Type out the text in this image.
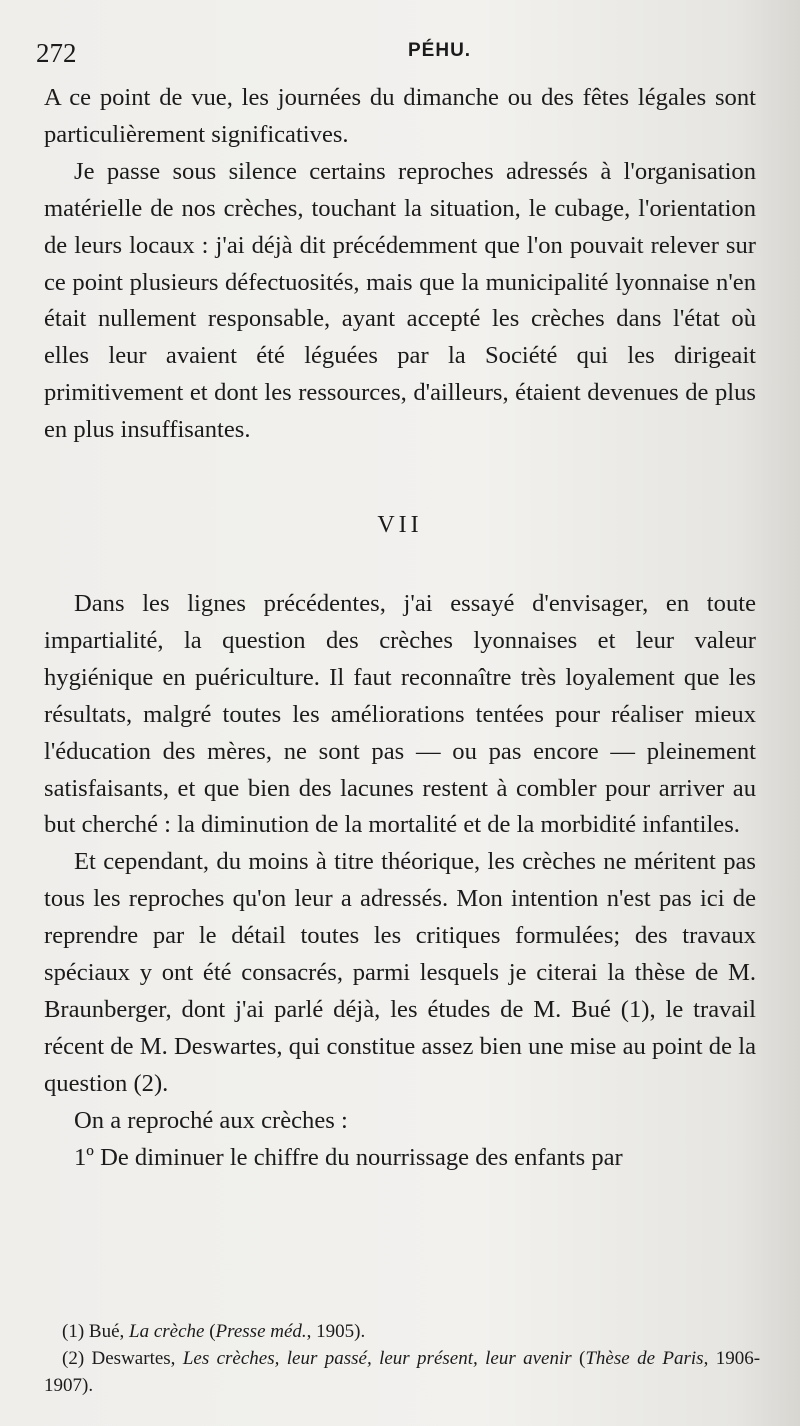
272	PÉHU.

A ce point de vue, les journées du dimanche ou des fêtes légales sont particulièrement significatives.

Je passe sous silence certains reproches adressés à l'organisation matérielle de nos crèches, touchant la situation, le cubage, l'orientation de leurs locaux : j'ai déjà dit précédemment que l'on pouvait relever sur ce point plusieurs défectuosités, mais que la municipalité lyonnaise n'en était nullement responsable, ayant accepté les crèches dans l'état où elles leur avaient été léguées par la Société qui les dirigeait primitivement et dont les ressources, d'ailleurs, étaient devenues de plus en plus insuffisantes.

VII

Dans les lignes précédentes, j'ai essayé d'envisager, en toute impartialité, la question des crèches lyonnaises et leur valeur hygiénique en puériculture. Il faut reconnaître très loyalement que les résultats, malgré toutes les améliorations tentées pour réaliser mieux l'éducation des mères, ne sont pas — ou pas encore — pleinement satisfaisants, et que bien des lacunes restent à combler pour arriver au but cherché : la diminution de la mortalité et de la morbidité infantiles.

Et cependant, du moins à titre théorique, les crèches ne méritent pas tous les reproches qu'on leur a adressés. Mon intention n'est pas ici de reprendre par le détail toutes les critiques formulées; des travaux spéciaux y ont été consacrés, parmi lesquels je citerai la thèse de M. Braunberger, dont j'ai parlé déjà, les études de M. Bué (1), le travail récent de M. Deswartes, qui constitue assez bien une mise au point de la question (2).

On a reproché aux crèches :

1º De diminuer le chiffre du nourrissage des enfants par

(1) Bué, La crèche (Presse méd., 1905).

(2) Deswartes, Les crèches, leur passé, leur présent, leur avenir (Thèse de Paris, 1906-1907).
